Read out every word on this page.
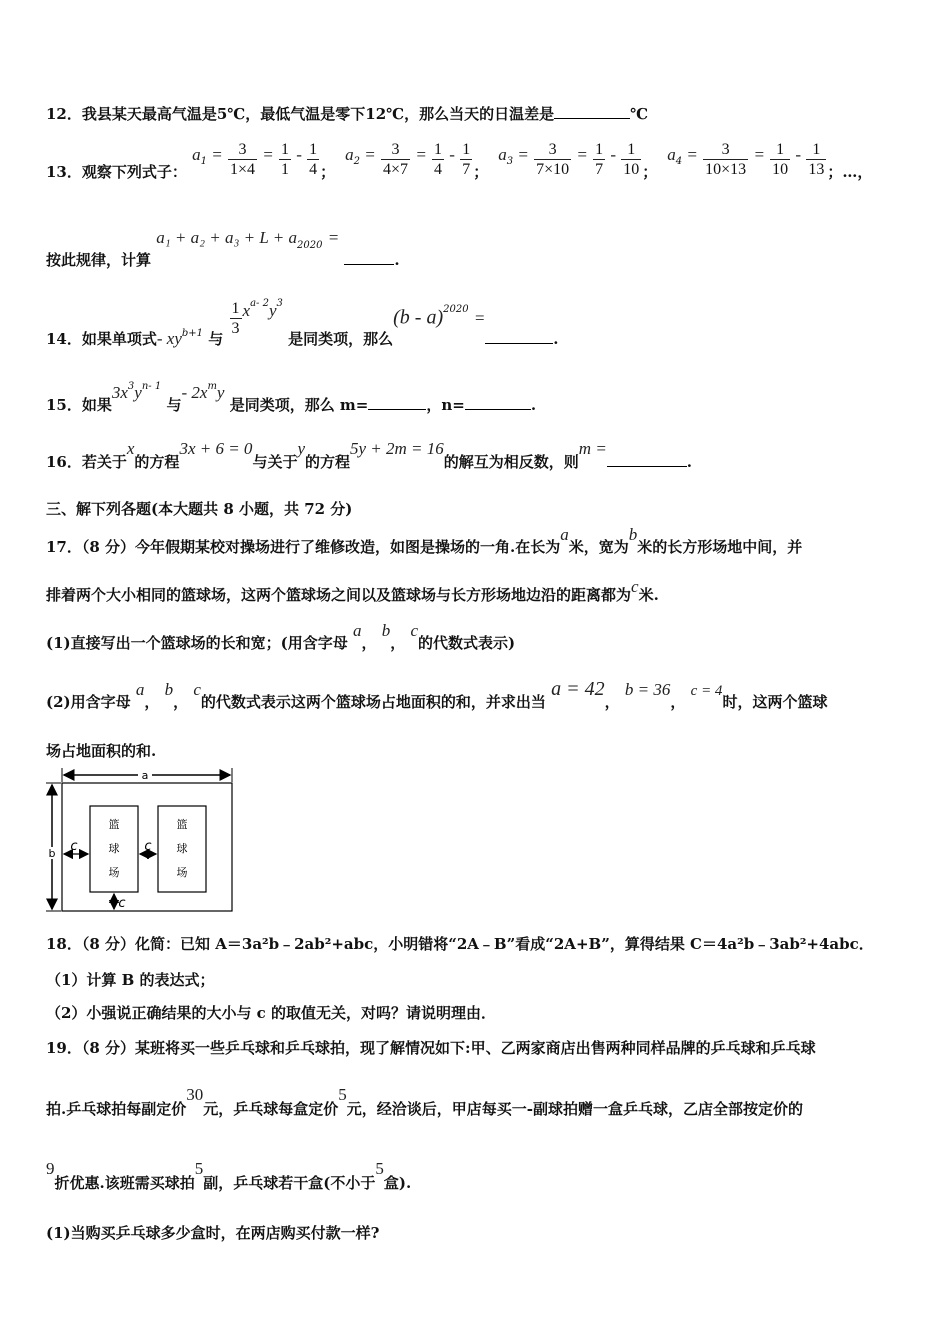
12．我县某天最高气温是5℃，最低气温是零下12℃，那么当天的日温差是	℃
13．观察下列式子： $a1 = \frac{3}{1\times 4} = \frac{1}{1} - \frac{1}{4}$ ；$a2 = \frac{3}{4\times 7} = \frac{1}{4} - \frac{1}{7}$ ；$a3 = \frac{3}{7\times 10} = \frac{1}{7} - \frac{1}{10}$ ；$a4 = \frac{3}{10\times 13} = \frac{1}{10} - \frac{1}{13}$ ；…，
按此规律，计算 $a_1 + a_2 + a_3 + L + a^{2020}$ = .
14．如果单项式- $xy_{b+1}$ 与 $\frac{1}{3} x^{a- 2}y^3$ 是同类项，那么(b - a)$^{2020}$ =.
15．如果$3x^3y^{n- 1}$ 与- $2x^my$ 是同类项，那么 m=	，n=	.
16．若关于x的方程3x + 6 = 0与关于y的方程5y + 2m = 16的解互为相反数，则m =.
三、解下列各题(本大题共 8 小题，共 72 分)
17．（8 分）今年假期某校对操场进行了维修改造，如图是操场的一角.在长为a米，宽为b米的长方形场地中间，并
排着两个大小相同的篮球场，这两个篮球场之间以及篮球场与长方形场地边沿的距离都为c米.
(1)直接写出一个篮球场的长和宽；(用含字母 a， b， c的代数式表示)
(2)用含字母 a， b， c的代数式表示这两个篮球场占地面积的和，并求出当 a = 42， b = 36， c = 4时，这两个篮球
场占地面积的和.
a
b
篮
球
场
篮
球
场
c	c
c
18．（8 分）化简：已知 A＝3a²b﹣2ab²+abc，小明错将“2A﹣B”看成“2A+B”，算得结果 C＝4a²b﹣3ab²+4abc．
（1）计算 B 的表达式；
（2）小强说正确结果的大小与 c 的取值无关，对吗？请说明理由．
19．（8 分）某班将买一些乒乓球和乒乓球拍，现了解情况如下:甲、乙两家商店出售两种同样品牌的乒乓球和乒乓球
拍.乒乓球拍每副定价30元，乒乓球每盒定价5元，经洽谈后，甲店每买一-副球拍赠一盒乒乓球，乙店全部按定价的
9折优惠.该班需买球拍5副，乒乓球若干盒(不小于5盒).
(1)当购买乒乓球多少盒时，在两店购买付款一样?
